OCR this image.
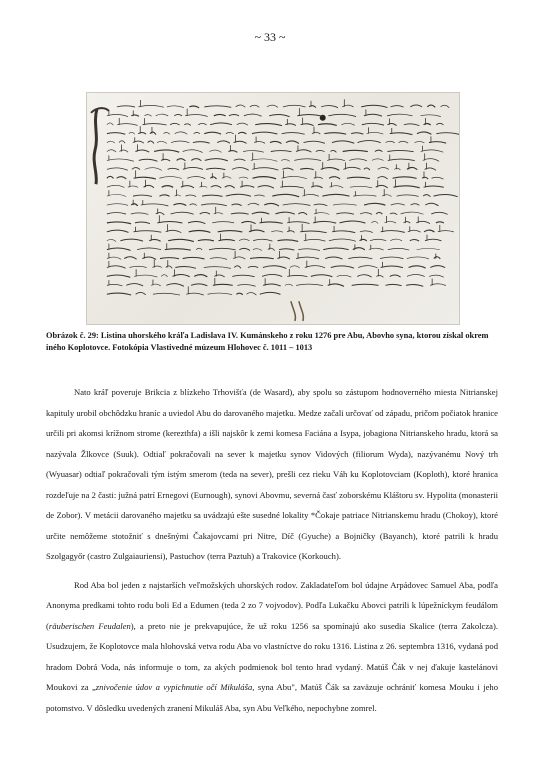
~ 33 ~
Obrázok č. 29: Listina uhorského kráľa Ladislava IV. Kumánskeho z roku 1276 pre Abu, Abovho syna, ktorou získal okrem iného Koplotovce. Fotokópia Vlastivedné múzeum Hlohovec č. 1011 – 1013

Nato kráľ poveruje Brikcia z blízkeho Trhovišťa (de Wasard), aby spolu so zástupom hodnoverného miesta Nitrianskej kapituly urobil obchôdzku hraníc a uviedol Abu do darovaného majetku. Medze začali určovať od západu, pričom počiatok hranice určili pri akomsi krížnom strome (kerezthfa) a išli najskôr k zemi komesa Faciána a Isypa, jobagiona Nitrianskeho hradu, ktorá sa nazývala Žlkovce (Suuk). Odtiaľ pokračovali na sever k majetku synov Vidových (filiorum Wyda), nazývanému Nový trh (Wyuasar) odtiaľ pokračovali tým istým smerom (teda na sever), prešli cez rieku Váh ku Koplotovciam (Koploth), ktoré hranica rozdeľuje na 2 časti: južná patrí Ernegovi (Eurnough), synovi Abovmu, severná časť zoborskému Kláštoru sv. Hypolita (monasterii de Zobor). V metácii darovaného majetku sa uvádzajú ešte susedné lokality *Čokaje patriace Nitrianskemu hradu (Chokoy), ktoré určite nemôžeme stotožniť s dnešnými Čakajovcami pri Nitre, Díč (Gyuche) a Bojničky (Bayanch), ktoré patrili k hradu Szolgagyőr (castro Zulgaiauriensi), Pastuchov (terra Paztuh) a Trakovice (Korkouch).

Rod Aba bol jeden z najstarších veľmožských uhorských rodov. Zakladateľom bol údajne Arpádovec Samuel Aba, podľa Anonyma predkami tohto rodu boli Ed a Edumen (teda 2 zo 7 vojvodov). Podľa Lukačku Abovci patrili k lúpežníckym feudálom (räuberischen Feudalen), a preto nie je prekvapujúce, že už roku 1256 sa spomínajú ako susedia Skalice (terra Zakolcza). Usudzujem, že Koplotovce mala hlohovská vetva rodu Aba vo vlastníctve do roku 1316. Listina z 26. septembra 1316, vydaná pod hradom Dobrá Voda, nás informuje o tom, za akých podmienok bol tento hrad vydaný. Matúš Čák v nej ďakuje kastelánovi Moukovi za „znivočenie údov a vypichnutie očí Mikuláša, syna Abu", Matúš Čák sa zaväzuje ochrániť komesa Mouku i jeho potomstvo. V dôsledku uvedených zranení Mikuláš Aba, syn Abu Veľkého, nepochybne zomrel.
